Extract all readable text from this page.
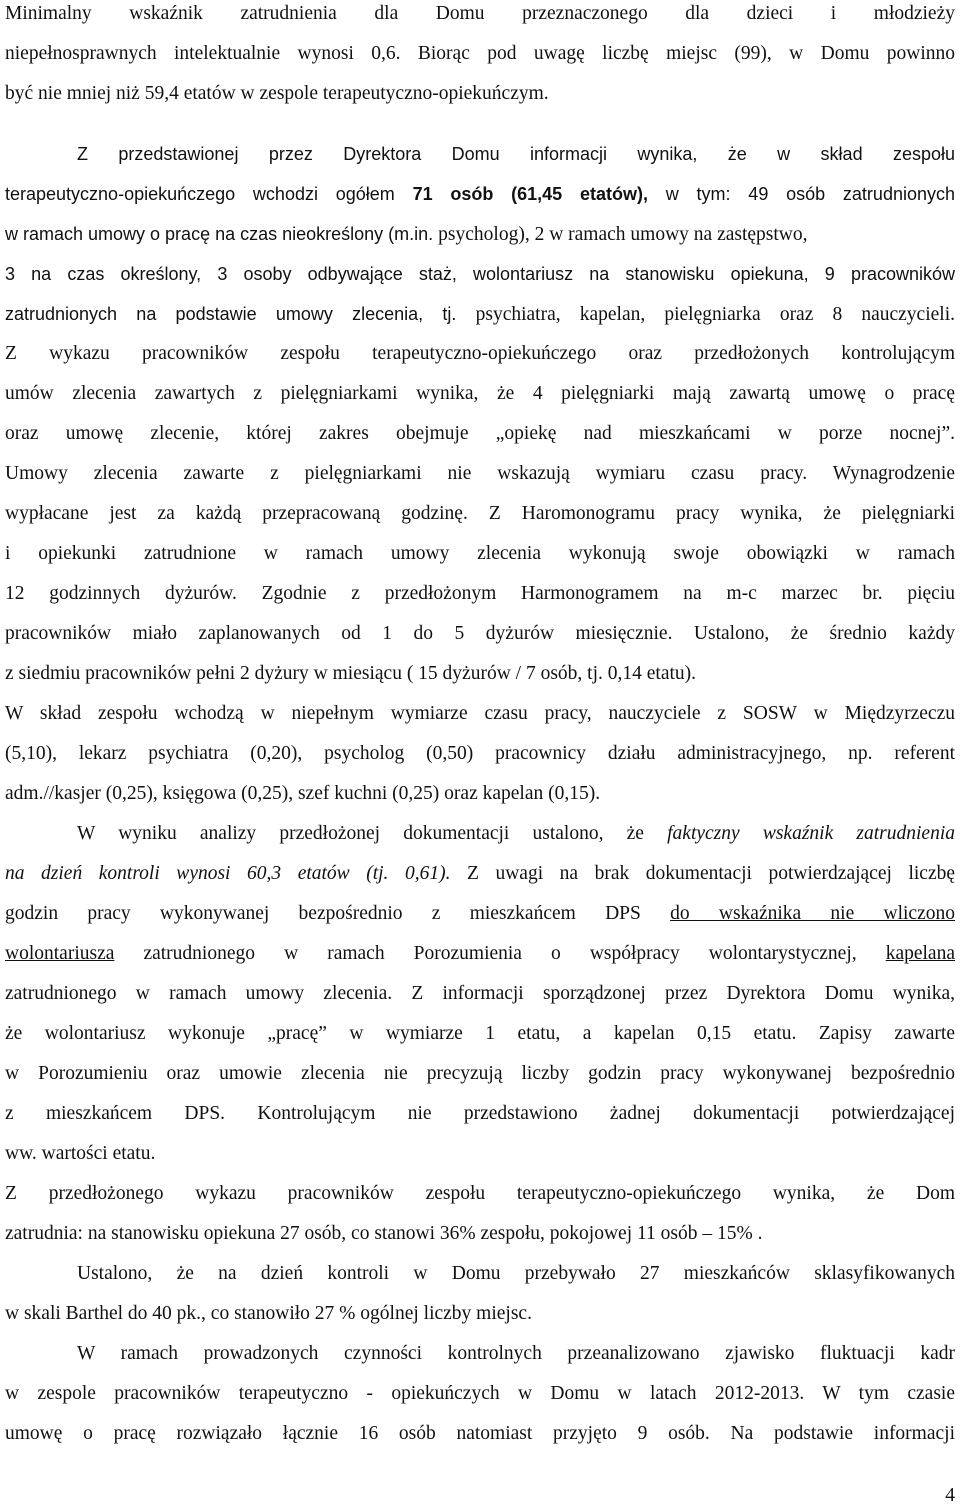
Minimalny wskaźnik zatrudnienia dla Domu przeznaczonego dla dzieci i młodzieży
niepełnosprawnych intelektualnie wynosi 0,6. Biorąc pod uwagę liczbę miejsc (99), w Domu powinno
być nie mniej niż 59,4 etatów w zespole terapeutyczno-opiekuńczym.
Z przedstawionej przez Dyrektora Domu informacji wynika, że w skład zespołu
terapeutyczno-opiekuńczego wchodzi ogółem 71 osób (61,45 etatów), w tym: 49 osób zatrudnionych
w ramach umowy o pracę na czas nieokreślony (m.in. psycholog), 2 w ramach umowy na zastępstwo,
3 na czas określony, 3 osoby odbywające staż, wolontariusz na stanowisku opiekuna, 9 pracowników
zatrudnionych na podstawie umowy zlecenia, tj. psychiatra, kapelan, pielęgniarka oraz 8 nauczycieli.
Z wykazu pracowników zespołu terapeutyczno-opiekuńczego oraz przedłożonych kontrolującym
umów zlecenia zawartych z pielęgniarkami wynika, że 4 pielęgniarki mają zawartą umowę o pracę
oraz umowę zlecenie, której zakres obejmuje „opiekę nad mieszkańcami w porze nocnej”.
Umowy zlecenia zawarte z pielęgniarkami nie wskazują wymiaru czasu pracy. Wynagrodzenie
wypłacane jest za każdą przepracowaną godzinę. Z Haromonogramu pracy wynika, że pielęgniarki
i opiekunki zatrudnione w ramach umowy zlecenia wykonują swoje obowiązki w ramach
12 godzinnych dyżurów. Zgodnie z przedłożonym Harmonogramem na m-c marzec br. pięciu
pracowników miało zaplanowanych od 1 do 5 dyżurów miesięcznie. Ustalono, że średnio każdy
z siedmiu pracowników pełni 2 dyżury w miesiącu ( 15 dyżurów / 7 osób, tj. 0,14 etatu).
W skład zespołu wchodzą w niepełnym wymiarze czasu pracy, nauczyciele z SOSW w Międzyrzeczu
(5,10), lekarz psychiatra (0,20), psycholog (0,50) pracownicy działu administracyjnego, np. referent
adm.//kasjer (0,25), księgowa (0,25), szef kuchni (0,25) oraz kapelan (0,15).
W wyniku analizy przedłożonej dokumentacji ustalono, że faktyczny wskaźnik zatrudnienia
na dzień kontroli wynosi 60,3 etatów (tj. 0,61). Z uwagi na brak dokumentacji potwierdzającej liczbę
godzin pracy wykonywanej bezpośrednio z mieszkańcem DPS do wskaźnika nie wliczono
wolontariusza zatrudnionego w ramach Porozumienia o współpracy wolontarystycznej, kapelana
zatrudnionego w ramach umowy zlecenia. Z informacji sporządzonej przez Dyrektora Domu wynika,
że wolontariusz wykonuje „pracę” w wymiarze 1 etatu, a kapelan 0,15 etatu. Zapisy zawarte
w Porozumieniu oraz umowie zlecenia nie precyzują liczby godzin pracy wykonywanej bezpośrednio
z mieszkańcem DPS. Kontrolującym nie przedstawiono żadnej dokumentacji potwierdzającej
ww. wartości etatu.
Z przedłożonego wykazu pracowników zespołu terapeutyczno-opiekuńczego wynika, że Dom
zatrudnia: na stanowisku opiekuna 27 osób, co stanowi 36% zespołu, pokojowej 11 osób – 15% .
Ustalono, że na dzień kontroli w Domu przebywało 27 mieszkańców sklasyfikowanych
w skali Barthel do 40 pk., co stanowiło 27 % ogólnej liczby miejsc.
W ramach prowadzonych czynności kontrolnych przeanalizowano zjawisko fluktuacji kadr
w zespole pracowników terapeutyczno - opiekuńczych w Domu w latach 2012-2013. W tym czasie
umowę o pracę rozwiązało łącznie 16 osób natomiast przyjęto 9 osób. Na podstawie informacji
4
